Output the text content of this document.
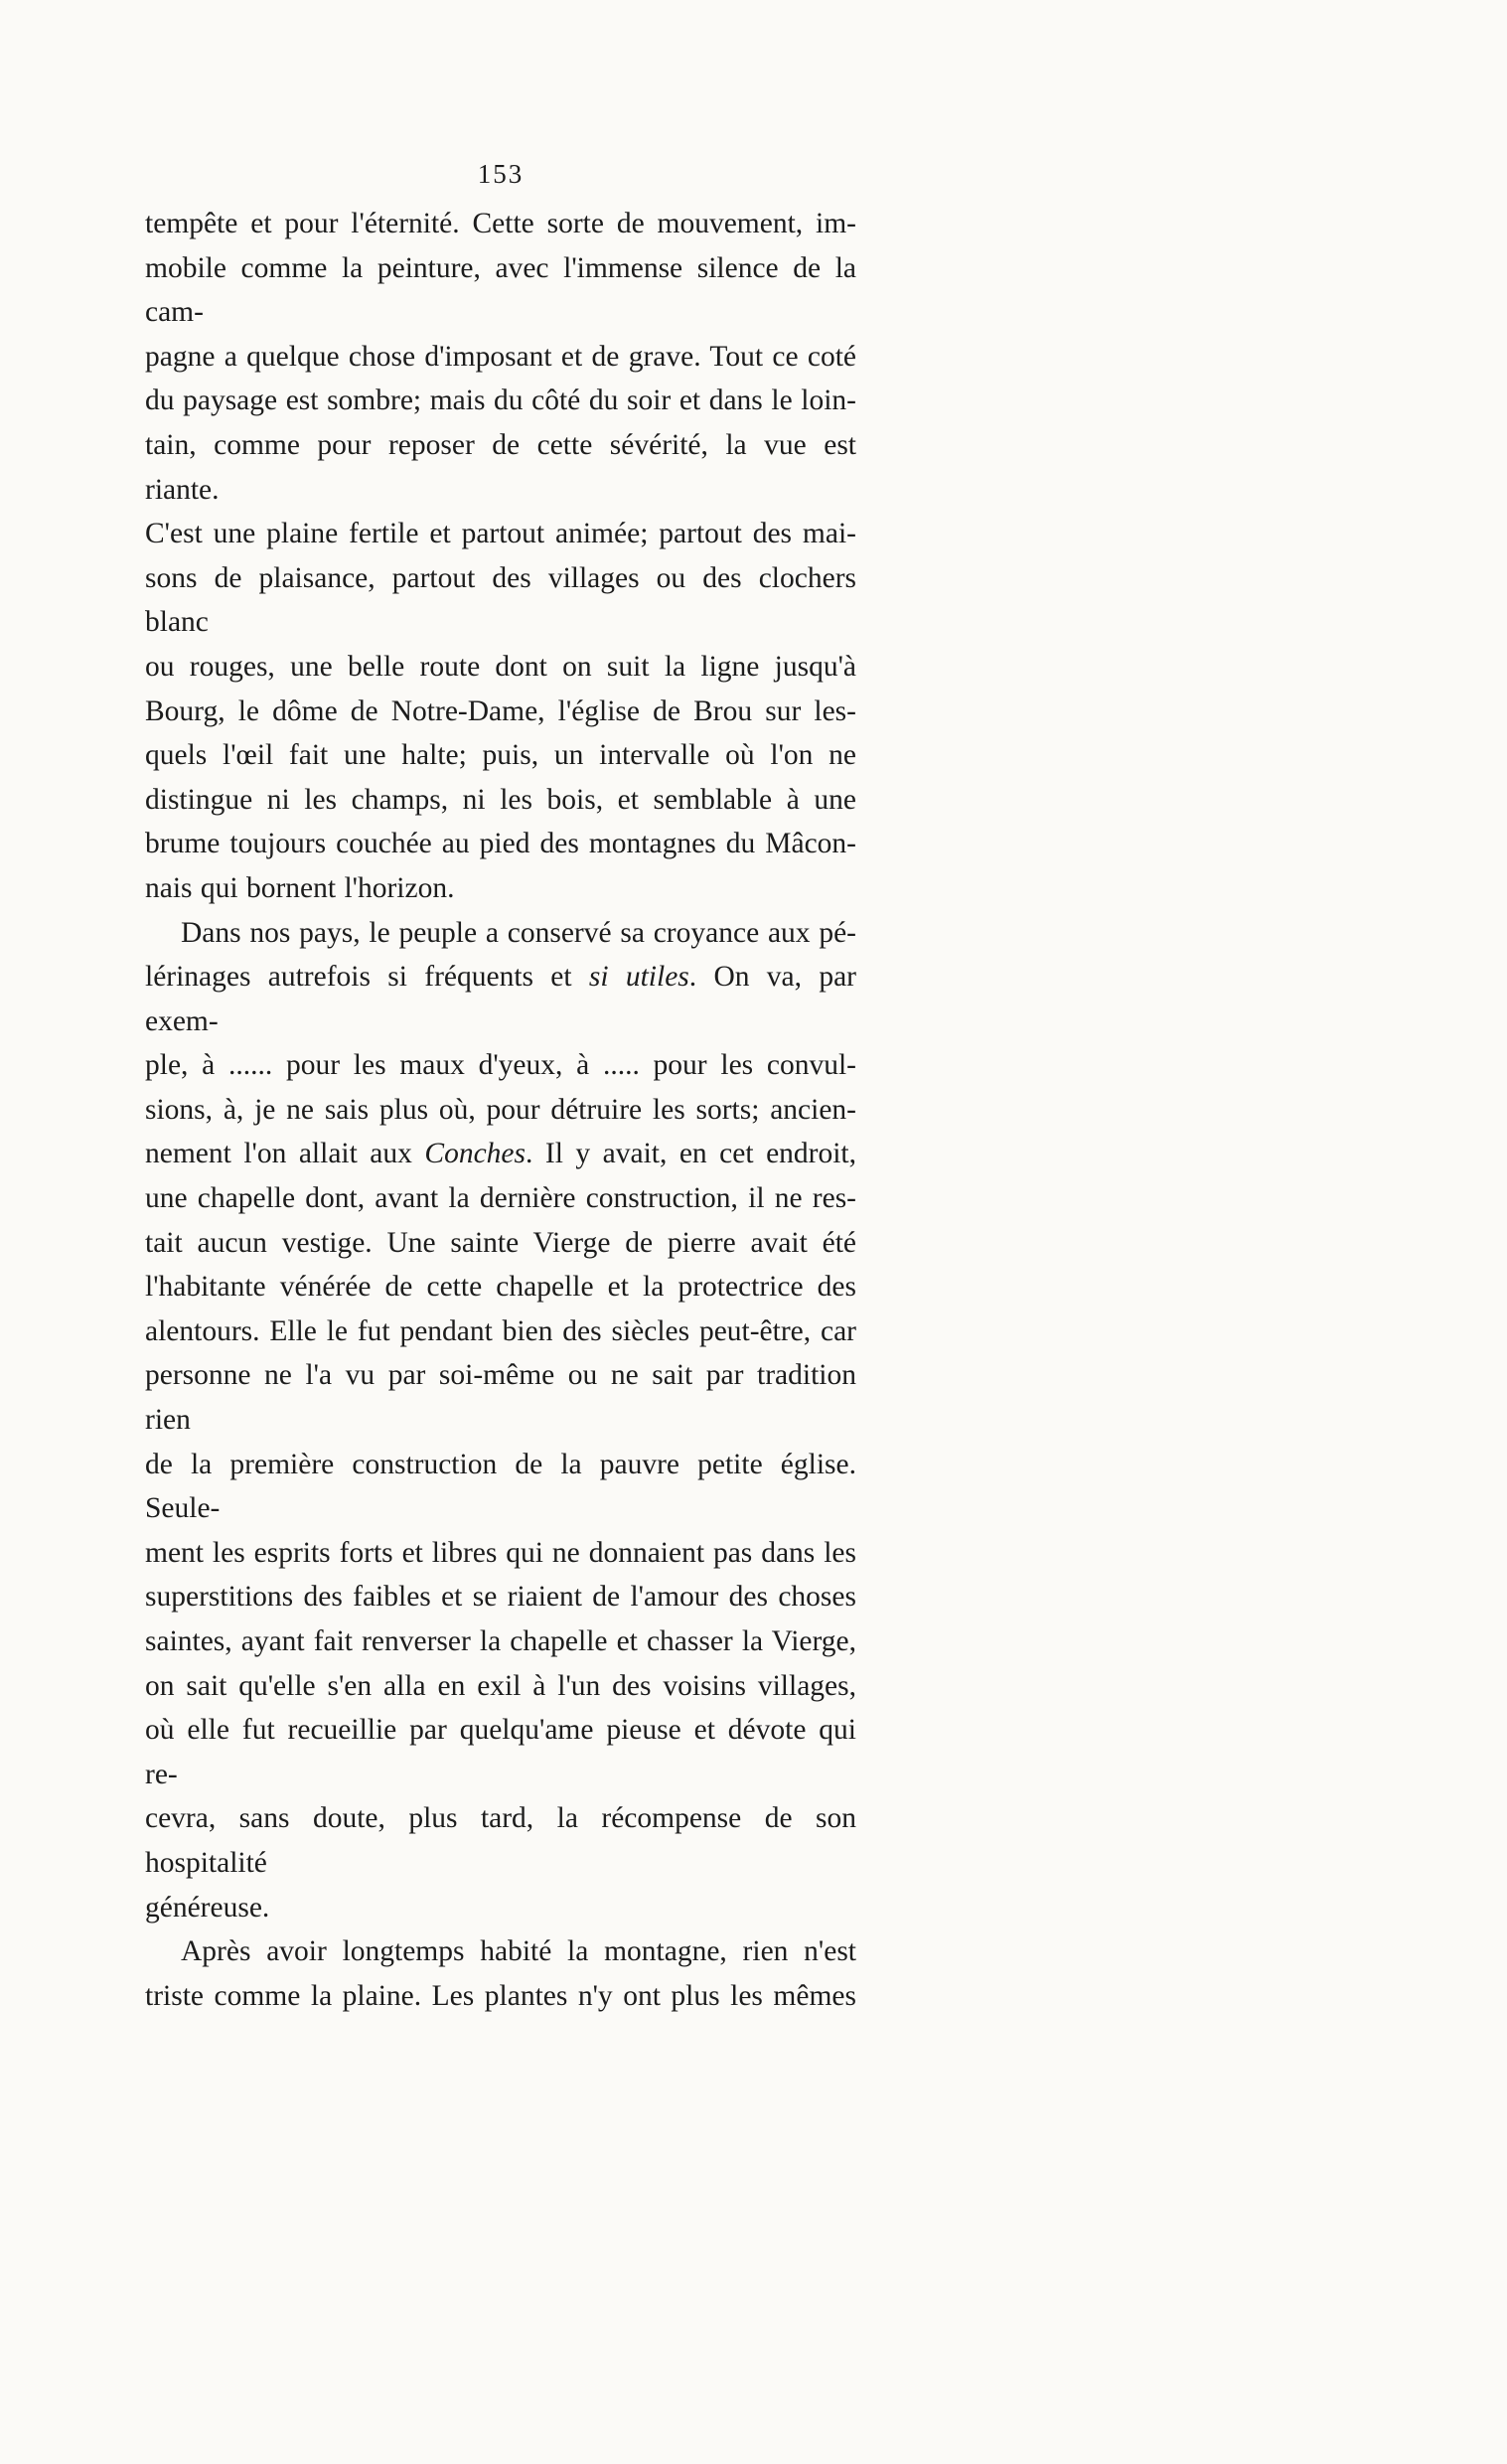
153
tempête et pour l'éternité. Cette sorte de mouvement, im-
mobile comme la peinture, avec l'immense silence de la cam-
pagne a quelque chose d'imposant et de grave. Tout ce coté
du paysage est sombre; mais du côté du soir et dans le loin-
tain, comme pour reposer de cette sévérité, la vue est riante.
C'est une plaine fertile et partout animée; partout des mai-
sons de plaisance, partout des villages ou des clochers blanc
ou rouges, une belle route dont on suit la ligne jusqu'à
Bourg, le dôme de Notre-Dame, l'église de Brou sur les-
quels l'œil fait une halte; puis, un intervalle où l'on ne
distingue ni les champs, ni les bois, et semblable à une
brume toujours couchée au pied des montagnes du Mâcon-
nais qui bornent l'horizon.
Dans nos pays, le peuple a conservé sa croyance aux pé-
lérinages autrefois si fréquents et si utiles. On va, par exem-
ple, à ...... pour les maux d'yeux, à ..... pour les convul-
sions, à, je ne sais plus où, pour détruire les sorts; ancien-
nement l'on allait aux Conches. Il y avait, en cet endroit,
une chapelle dont, avant la dernière construction, il ne res-
tait aucun vestige. Une sainte Vierge de pierre avait été
l'habitante vénérée de cette chapelle et la protectrice des
alentours. Elle le fut pendant bien des siècles peut-être, car
personne ne l'a vu par soi-même ou ne sait par tradition rien
de la première construction de la pauvre petite église. Seule-
ment les esprits forts et libres qui ne donnaient pas dans les
superstitions des faibles et se riaient de l'amour des choses
saintes, ayant fait renverser la chapelle et chasser la Vierge,
on sait qu'elle s'en alla en exil à l'un des voisins villages,
où elle fut recueillie par quelqu'ame pieuse et dévote qui re-
cevra, sans doute, plus tard, la récompense de son hospitalité
généreuse.
Après avoir longtemps habité la montagne, rien n'est
triste comme la plaine. Les plantes n'y ont plus les mêmes
